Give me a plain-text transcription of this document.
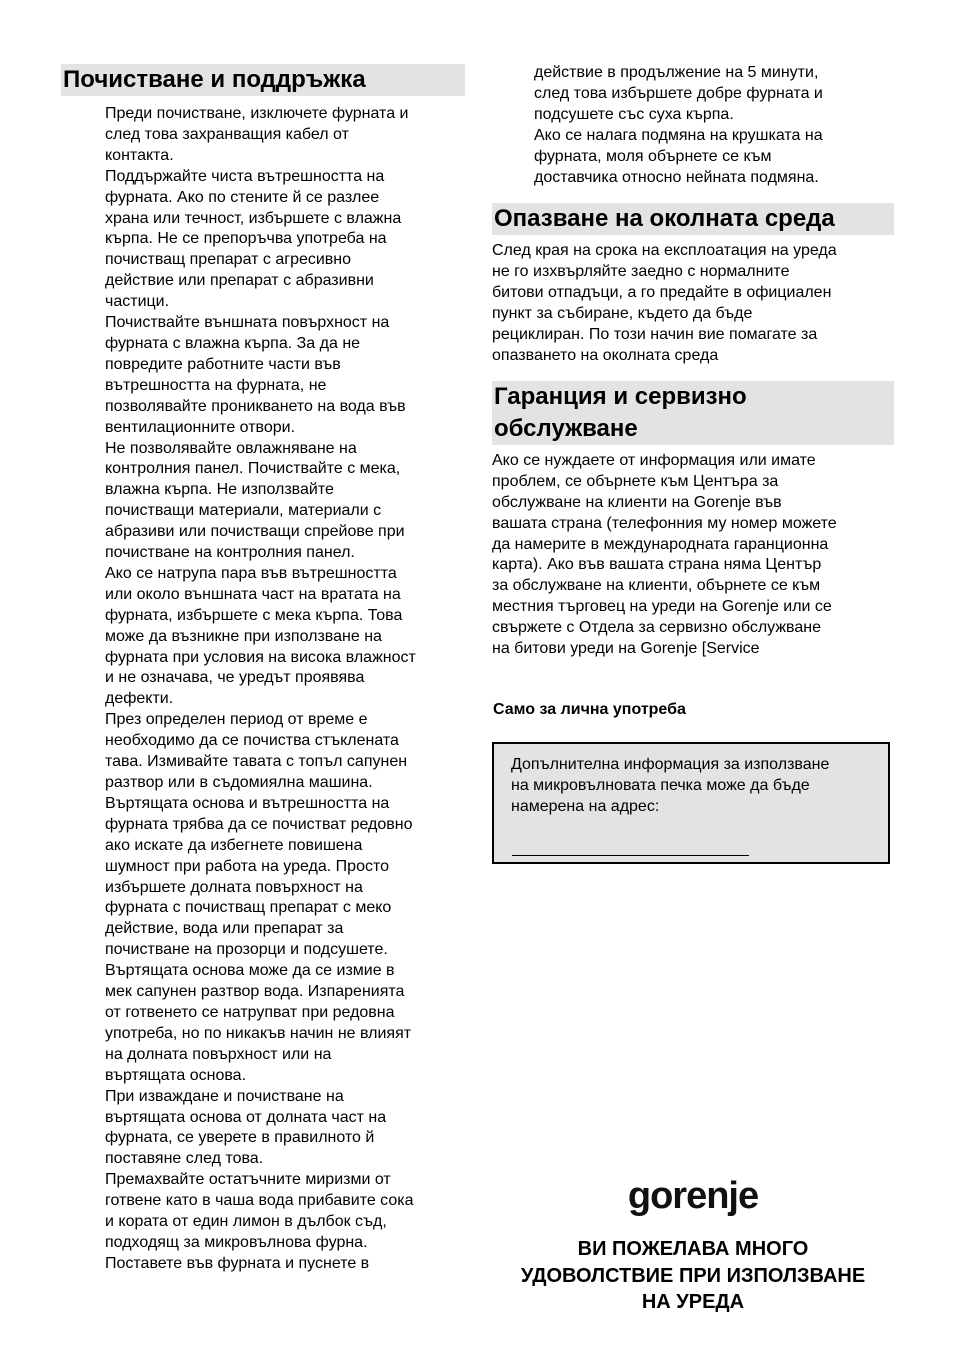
Почистване и поддръжка
Преди почистване, изключете фурната и
след това захранващия кабел от
контакта.
Поддържайте чиста вътрешността на
фурната. Ако по стените й се разлее
храна или течност, избършете с влажна
кърпа. Не се препоръчва употреба на
почистващ препарат с агресивно
действие или препарат с абразивни
частици.
Почиствайте външната повърхност на
фурната с влажна кърпа. За да не
повредите работните части във
вътрешността на фурната, не
позволявайте проникването на вода във
вентилационните отвори.
Не позволявайте овлажняване на
контролния панел. Почиствайте с мека,
влажна кърпа. Не използвайте
почистващи материали, материали с
абразиви или почистващи спрейове при
почистване на контролния панел.
Ако се натрупа пара във вътрешността
или около външната част на вратата на
фурната, избършете с мека кърпа. Това
може да възникне при използване на
фурната при условия на висока влажност
и не означава, че уредът проявява
дефекти.
През определен период от време е
необходимо да се почиства стъклената
тава. Измивайте тавата с топъл сапунен
разтвор или в съдомиялна машина.
Въртящата основа и вътрешността на
фурната трябва да се почистват редовно
ако искате да избегнете повишена
шумност при работа на уреда. Просто
избършете долната повърхност на
фурната с почистващ препарат с меко
действие, вода или препарат за
почистване на прозорци и подсушете.
Въртящата основа може да се измие в
мек сапунен разтвор вода. Изпаренията
от готвенето се натрупват при редовна
употреба, но по никакъв начин не влияят
на долната повърхност или на
въртящата основа.
При изваждане и почистване на
въртящата основа от долната част на
фурната, се уверете в правилното й
поставяне след това.
Премахвайте остатъчните миризми от
готвене като в чаша вода прибавите сока
и кората от един лимон в дълбок съд,
подходящ за микровълнова фурна.
Поставете във фурната и пуснете в
действие в продължение на 5 минути,
след това избършете добре фурната и
подсушете със суха кърпа.
Ако се налага подмяна на крушката на
фурната, моля обърнете се към
доставчика относно нейната подмяна.
Опазване на околната среда
След края на срока на експлоатация на уреда
не го изхвърляйте заедно с нормалните
битови отпадъци, а го предайте в официален
пункт за събиране, където да бъде
рециклиран. По този начин вие помагате за
опазването на околната среда
Гаранция и сервизно
обслужване
Ако се нуждаете от информация или имате
проблем, се обърнете към Центъра за
обслужване на клиенти на Gorenje във
вашата страна (телефонния му номер можете
да намерите в международната гаранционна
карта). Ако във вашата страна няма Център
за обслужване на клиенти, обърнете се към
местния търговец на уреди на Gorenje или се
свържете с Отдела за сервизно обслужване
на битови уреди на Gorenje [Service

Само за лична употреба

Допълнителна информация за използване
на микровълновата печка може да бъде
намерена на адрес:
gorenje
ВИ ПОЖЕЛАВА МНОГО
УДОВОЛСТВИЕ ПРИ ИЗПОЛЗВАНЕ
НА УРЕДА
